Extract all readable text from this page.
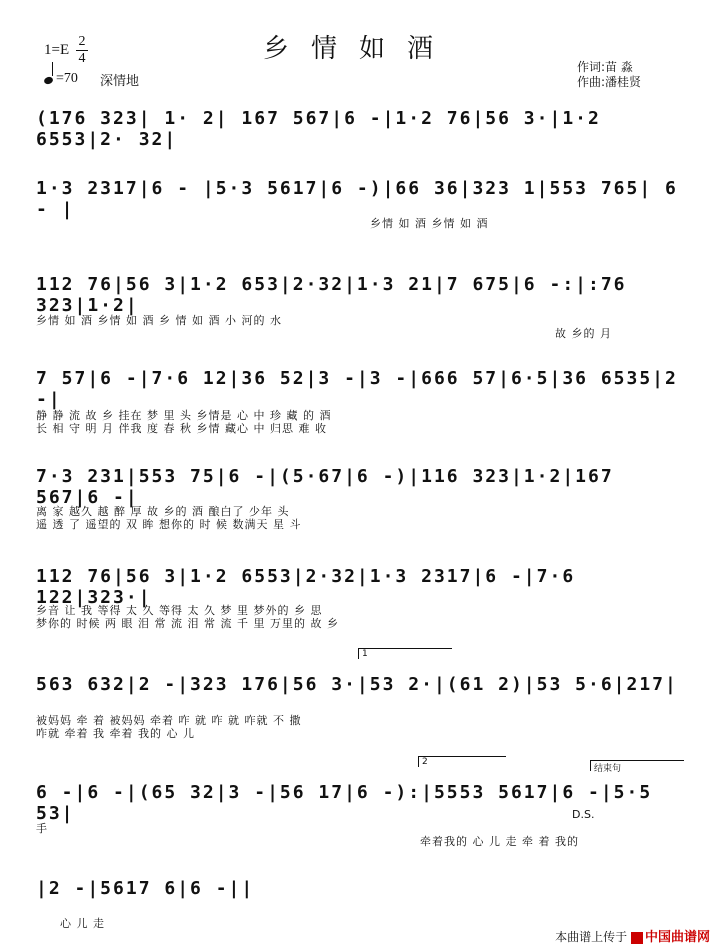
乡情如酒
1=E
2
4
=70 深情地
作词:苗 淼
作曲:潘桂贤
(176 323| 1· 2| 167 567|6 -|1·2 76|56 3·|1·2 6553|2· 32|
1·3 2317|6 - |5·3 5617|6 -)|66 36|323 1|553 765| 6 - |
乡情 如 酒 乡情 如 酒
112 76|56 3|1·2 653|2·32|1·3 21|7 675|6 -:|:76 323|1·2|
乡情 如 酒 乡情 如 酒 乡 情 如 酒 小 河的 水
故 乡的 月
7 57|6 -|7·6 12|36 52|3 -|3 -|666 57|6·5|36 6535|2 -|
静 静 流 故 乡 挂在 梦 里 头 乡情是 心 中 珍 藏 的 酒
长 相 守 明 月 伴我 度 春 秋 乡情 藏心 中 归思 难 收
7·3 231|553 75|6 -|(5·67|6 -)|116 323|1·2|167 567|6 -|
离 家 越久 越 醉 厚 故 乡的 酒 酿白了 少年 头
遥 透 了 遥望的 双 眸 想你的 时 候 数满天 星 斗
112 76|56 3|1·2 6553|2·32|1·3 2317|6 -|7·6 122|323·|
乡音 让 我 等得 太 久 等得 太 久 梦 里 梦外的 乡 思
梦你的 时候 两 眼 泪 常 流 泪 常 流 千 里 万里的 故 乡
1
563 632|2 -|323 176|56 3·|53 2·|(61 2)|53 5·6|217|
被妈妈 牵 着 被妈妈 牵着 咋 就 咋 就 咋就 不 撒
咋就 牵着 我 牵着 我的 心 儿
2
结束句
6 -|6 -|(65 32|3 -|56 17|6 -):|5553 5617|6 -|5·5 53|	D.S.
手
牵着我的 心 儿 走 牵 着 我的
|2 -|5617 6|6 -||
心 儿 走
本曲谱上传于 中国曲谱网
